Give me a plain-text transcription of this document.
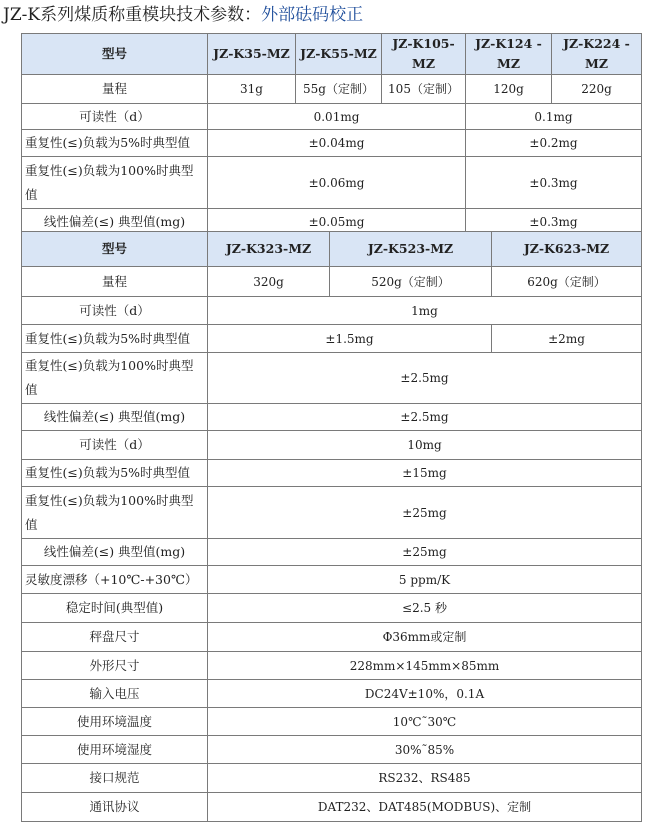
JZ-K系列煤质称重模块技术参数：外部砝码校正
型号	JZ-K35-MZ	JZ-K55-MZ	JZ-K105-MZ	JZ-K124 -MZ	JZ-K224 -MZ
量程	31g	55g（定制）	105（定制）	120g	220g
可读性（d）	0.01mg			0.1mg	
重复性(≤)负载为5%时典型值	±0.04mg			±0.2mg	
重复性(≤)负载为100%时典型值	±0.06mg			±0.3mg	
线性偏差(≤) 典型值(mg)	±0.05mg			±0.3mg	
型号	JZ-K323-MZ	JZ-K523-MZ	JZ-K623-MZ
量程	320g	520g（定制）	620g（定制）
可读性（d）	1mg		
重复性(≤)负载为5%时典型值	±1.5mg		±2mg
重复性(≤)负载为100%时典型值	±2.5mg		
线性偏差(≤) 典型值(mg)	±2.5mg		
可读性（d）	10mg		
重复性(≤)负载为5%时典型值	±15mg		
重复性(≤)负载为100%时典型值	±25mg		
线性偏差(≤) 典型值(mg)	±25mg		
灵敏度漂移（+10℃-+30℃）	5 ppm/K		
稳定时间(典型值)	≤2.5 秒		
秤盘尺寸	Φ36mm或定制		
外形尺寸	228mm×145mm×85mm		
输入电压	DC24V±10%，0.1A		
使用环境温度	10℃˜30℃		
使用环境湿度	30%˜85%		
接口规范	RS232、RS485		
通讯协议	DAT232、DAT485(MODBUS)、定制		
